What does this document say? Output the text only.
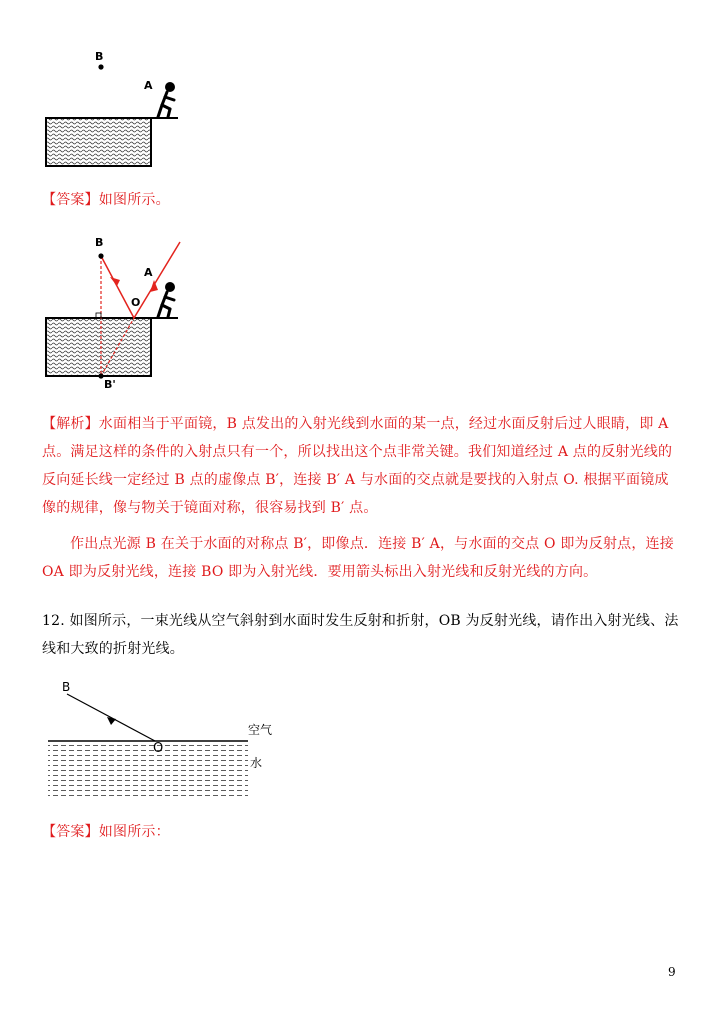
B
A
【答案】如图所示。
B
A
O
B'
【解析】水面相当于平面镜，B 点发出的入射光线到水面的某一点，经过水面反射后过人眼睛，即 A
点。满足这样的条件的入射点只有一个，所以找出这个点非常关键。我们知道经过 A 点的反射光线的
反向延长线一定经过 B 点的虚像点 B′，连接 B′ A 与水面的交点就是要找的入射点 O. 根据平面镜成
像的规律，像与物关于镜面对称，很容易找到 B′ 点。
作出点光源 B 在关于水面的对称点 B′，即像点．连接 B′ A，与水面的交点 O 即为反射点，连接
OA 即为反射光线，连接 BO 即为入射光线．要用箭头标出入射光线和反射光线的方向。
12. 如图所示，一束光线从空气斜射到水面时发生反射和折射，OB 为反射光线，请作出入射光线、法
线和大致的折射光线。
B
O
空气
水
【答案】如图所示：
9
